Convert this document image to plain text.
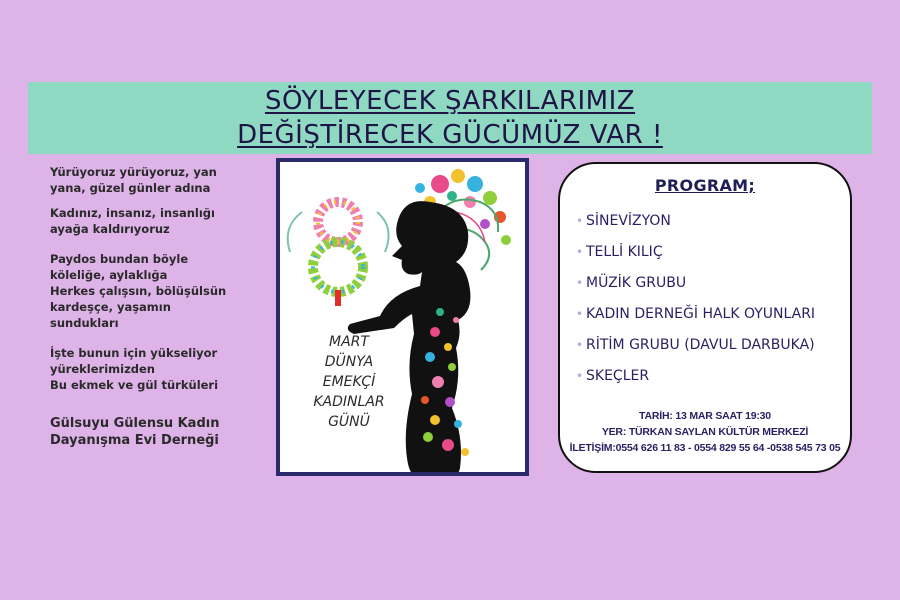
SÖYLEYECEK ŞARKILARIMIZ
DEĞİŞTİRECEK GÜCÜMÜZ VAR !

Yürüyoruz yürüyoruz, yan
yana, güzel günler adına

Kadınız, insanız, insanlığı
ayağa kaldırıyoruz

Paydos bundan böyle
köleliğe, aylaklığa
Herkes çalışsın, bölüşülsün
kardeşçe, yaşamın
sundukları

İşte bunun için yükseliyor
yüreklerimizden
Bu ekmek ve gül türküleri

Gülsuyu Gülensu Kadın
Dayanışma Evi Derneği

MART
DÜNYA
EMEKÇİ
KADINLAR
GÜNÜ
PROGRAM;
• SİNEVİZYON
• TELLİ KILIÇ
• MÜZİK GRUBU
• KADIN DERNEĞİ HALK OYUNLARI
• RİTİM GRUBU (DAVUL DARBUKA)
• SKEÇLER
TARİH: 13 MAR SAAT 19:30
YER: TÜRKAN SAYLAN KÜLTÜR MERKEZİ
İLETİŞİM:0554 626 11 83 - 0554 829 55 64 -0538 545 73 05
